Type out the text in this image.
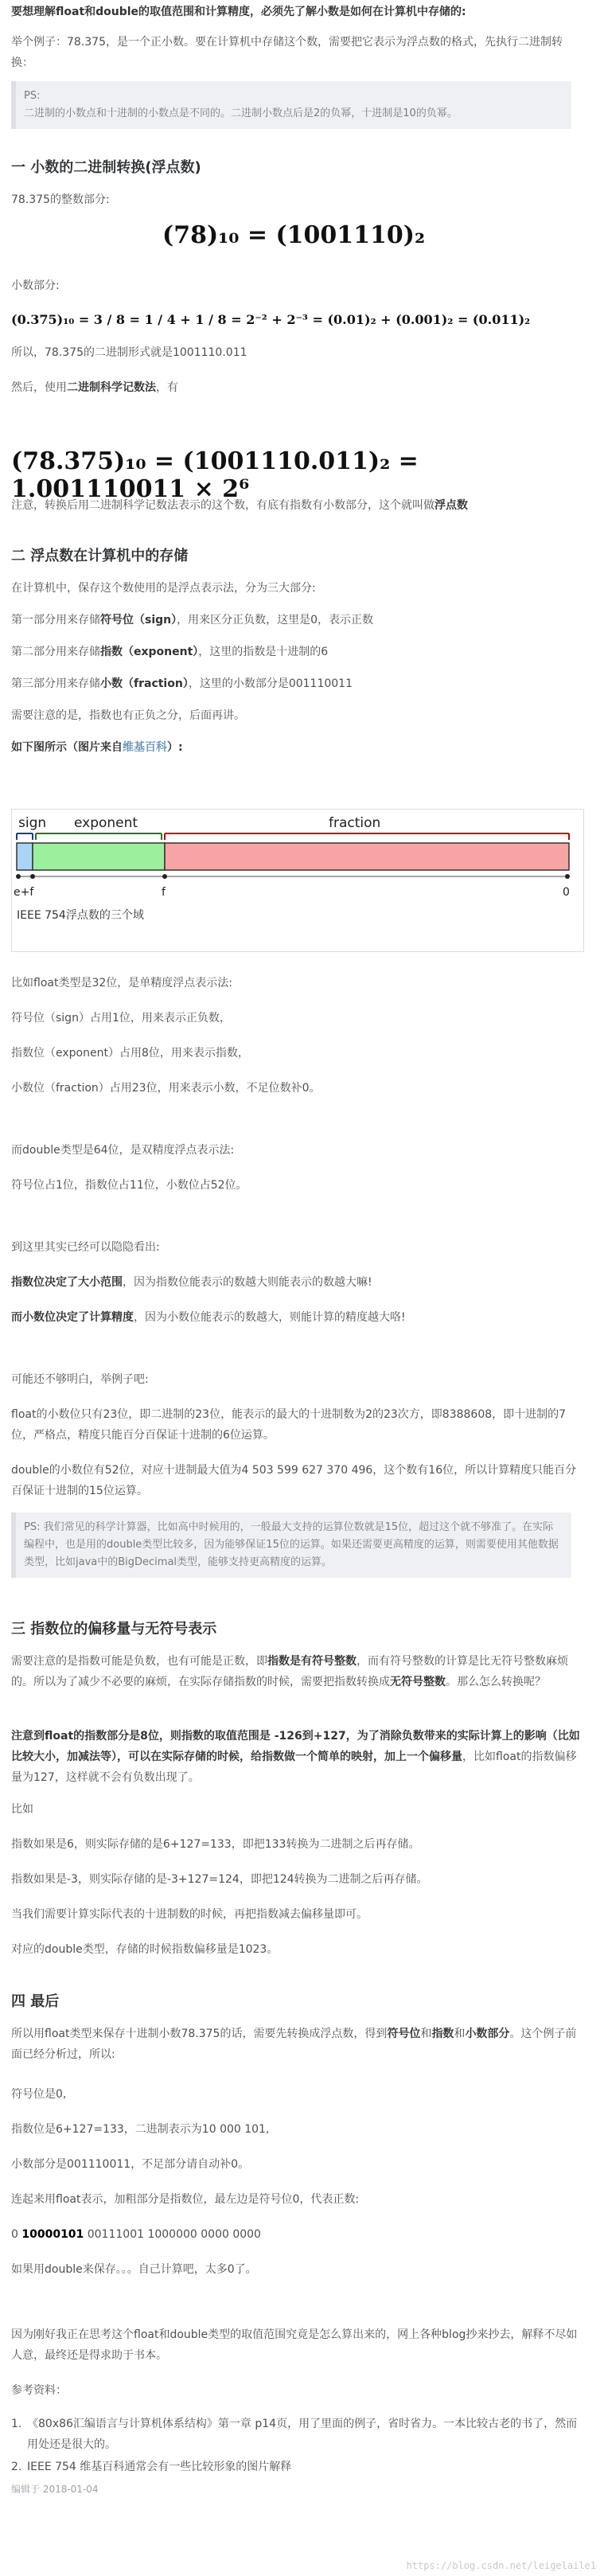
要想理解float和double的取值范围和计算精度，必须先了解小数是如何在计算机中存储的:
举个例子：78.375，是一个正小数。要在计算机中存储这个数，需要把它表示为浮点数的格式，先执行二进制转换：
PS:
二进制的小数点和十进制的小数点是不同的。二进制小数点后是2的负幂，十进制是10的负幂。
一 小数的二进制转换(浮点数)
78.375的整数部分:
(78)₁₀ = (1001110)₂
小数部分:
(0.375)₁₀ = 3 / 8 = 1 / 4 + 1 / 8 = 2⁻² + 2⁻³ = (0.01)₂ + (0.001)₂ = (0.011)₂
所以，78.375的二进制形式就是1001110.011
然后，使用二进制科学记数法，有
(78.375)₁₀ = (1001110.011)₂ = 1.001110011 × 2⁶
注意，转换后用二进制科学记数法表示的这个数，有底有指数有小数部分，这个就叫做浮点数
二 浮点数在计算机中的存储
在计算机中，保存这个数使用的是浮点表示法，分为三大部分:
第一部分用来存储符号位（sign），用来区分正负数，这里是0，表示正数
第二部分用来存储指数（exponent），这里的指数是十进制的6
第三部分用来存储小数（fraction），这里的小数部分是001110011
需要注意的是，指数也有正负之分，后面再讲。
如下图所示（图片来自维基百科）:
sign exponent	fraction
e+f	f	0
IEEE 754浮点数的三个域
比如float类型是32位，是单精度浮点表示法:
符号位（sign）占用1位，用来表示正负数，
指数位（exponent）占用8位，用来表示指数，
小数位（fraction）占用23位，用来表示小数，不足位数补0。
而double类型是64位，是双精度浮点表示法:
符号位占1位，指数位占11位，小数位占52位。
到这里其实已经可以隐隐看出:
指数位决定了大小范围，因为指数位能表示的数越大则能表示的数越大嘛!
而小数位决定了计算精度，因为小数位能表示的数越大，则能计算的精度越大咯!
可能还不够明白，举例子吧:
float的小数位只有23位，即二进制的23位，能表示的最大的十进制数为2的23次方，即8388608，即十进制的7位，严格点，精度只能百分百保证十进制的6位运算。
double的小数位有52位，对应十进制最大值为4 503 599 627 370 496，这个数有16位，所以计算精度只能百分百保证十进制的15位运算。
PS: 我们常见的科学计算器，比如高中时候用的，一般最大支持的运算位数就是15位，超过这个就不够准了。在实际编程中，也是用的double类型比较多，因为能够保证15位的运算。如果还需要更高精度的运算，则需要使用其他数据类型，比如java中的BigDecimal类型，能够支持更高精度的运算。
三 指数位的偏移量与无符号表示
需要注意的是指数可能是负数，也有可能是正数，即指数是有符号整数，而有符号整数的计算是比无符号整数麻烦的。所以为了减少不必要的麻烦，在实际存储指数的时候，需要把指数转换成无符号整数。那么怎么转换呢？
注意到float的指数部分是8位，则指数的取值范围是 -126到+127，为了消除负数带来的实际计算上的影响（比如比较大小，加减法等），可以在实际存储的时候，给指数做一个简单的映射，加上一个偏移量，比如float的指数偏移量为127，这样就不会有负数出现了。
比如
指数如果是6，则实际存储的是6+127=133，即把133转换为二进制之后再存储。
指数如果是-3，则实际存储的是-3+127=124，即把124转换为二进制之后再存储。
当我们需要计算实际代表的十进制数的时候，再把指数减去偏移量即可。
对应的double类型，存储的时候指数偏移量是1023。
四 最后
所以用float类型来保存十进制小数78.375的话，需要先转换成浮点数，得到符号位和指数和小数部分。这个例子前面已经分析过，所以:
符号位是0,
指数位是6+127=133，二进制表示为10 000 101,
小数部分是001110011，不足部分请自动补0。
连起来用float表示，加粗部分是指数位，最左边是符号位0，代表正数:
0 10000101 00111001 1000000 0000 0000
如果用double来保存。。。自己计算吧，太多0了。
因为刚好我正在思考这个float和double类型的取值范围究竟是怎么算出来的，网上各种blog抄来抄去，解释不尽如人意，最终还是得求助于书本。
参考资料：
1. 《80x86汇编语言与计算机体系结构》第一章 p14页，用了里面的例子，省时省力。一本比较古老的书了，然而用处还是很大的。
2. IEEE 754 维基百科通常会有一些比较形象的图片解释
编辑于 2018-01-04
https://blog.csdn.net/leigelaile1
